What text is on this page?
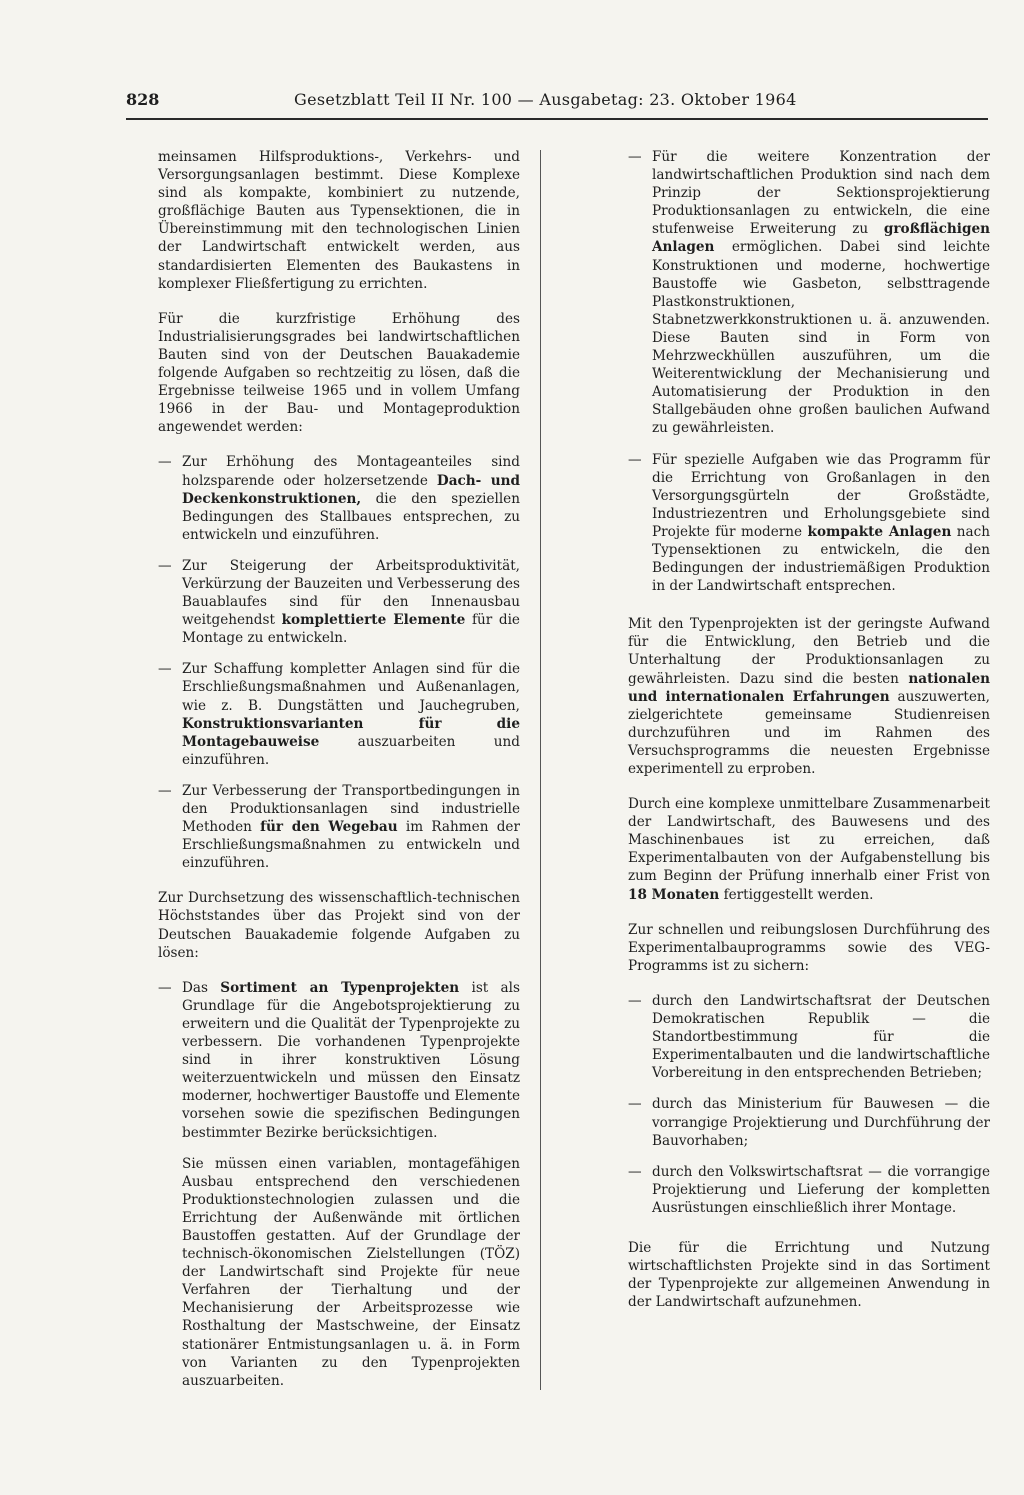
828	Gesetzblatt Teil II Nr. 100 — Ausgabetag: 23. Oktober 1964

meinsamen Hilfsproduktions-, Verkehrs- und Versorgungsanlagen bestimmt. Diese Komplexe sind als kompakte, kombiniert zu nutzende, großflächige Bauten aus Typensektionen, die in Übereinstimmung mit den technologischen Linien der Landwirtschaft entwickelt werden, aus standardisierten Elementen des Baukastens in komplexer Fließfertigung zu errichten.

Für die kurzfristige Erhöhung des Industrialisierungsgrades bei landwirtschaftlichen Bauten sind von der Deutschen Bauakademie folgende Aufgaben so rechtzeitig zu lösen, daß die Ergebnisse teilweise 1965 und in vollem Umfang 1966 in der Bau- und Montageproduktion angewendet werden:

— Zur Erhöhung des Montageanteiles sind holzsparende oder holzersetzende Dach- und Deckenkonstruktionen, die den speziellen Bedingungen des Stallbaues entsprechen, zu entwickeln und einzuführen.
— Zur Steigerung der Arbeitsproduktivität, Verkürzung der Bauzeiten und Verbesserung des Bauablaufes sind für den Innenausbau weitgehendst komplettierte Elemente für die Montage zu entwickeln.
— Zur Schaffung kompletter Anlagen sind für die Erschließungsmaßnahmen und Außenanlagen, wie z. B. Dungstätten und Jauchegruben, Konstruktionsvarianten für die Montagebauweise auszuarbeiten und einzuführen.
— Zur Verbesserung der Transportbedingungen in den Produktionsanlagen sind industrielle Methoden für den Wegebau im Rahmen der Erschließungsmaßnahmen zu entwickeln und einzuführen.

Zur Durchsetzung des wissenschaftlich-technischen Höchststandes über das Projekt sind von der Deutschen Bauakademie folgende Aufgaben zu lösen:

— Das Sortiment an Typenprojekten ist als Grundlage für die Angebotsprojektierung zu erweitern und die Qualität der Typenprojekte zu verbessern. Die vorhandenen Typenprojekte sind in ihrer konstruktiven Lösung weiterzuentwickeln und müssen den Einsatz moderner, hochwertiger Baustoffe und Elemente vorsehen sowie die spezifischen Bedingungen bestimmter Bezirke berücksichtigen.
Sie müssen einen variablen, montagefähigen Ausbau entsprechend den verschiedenen Produktionstechnologien zulassen und die Errichtung der Außenwände mit örtlichen Baustoffen gestatten. Auf der Grundlage der technisch-ökonomischen Zielstellungen (TÖZ) der Landwirtschaft sind Projekte für neue Verfahren der Tierhaltung und der Mechanisierung der Arbeitsprozesse wie Rosthaltung der Mastschweine, der Einsatz stationärer Entmistungsanlagen u. ä. in Form von Varianten zu den Typenprojekten auszuarbeiten.
— Für die weitere Konzentration der landwirtschaftlichen Produktion sind nach dem Prinzip der Sektionsprojektierung Produktionsanlagen zu entwickeln, die eine stufenweise Erweiterung zu großflächigen Anlagen ermöglichen. Dabei sind leichte Konstruktionen und moderne, hochwertige Baustoffe wie Gasbeton, selbsttragende Plastkonstruktionen, Stabnetzwerkkonstruktionen u. ä. anzuwenden. Diese Bauten sind in Form von Mehrzweckhüllen auszuführen, um die Weiterentwicklung der Mechanisierung und Automatisierung der Produktion in den Stallgebäuden ohne großen baulichen Aufwand zu gewährleisten.
— Für spezielle Aufgaben wie das Programm für die Errichtung von Großanlagen in den Versorgungsgürteln der Großstädte, Industriezentren und Erholungsgebiete sind Projekte für moderne kompakte Anlagen nach Typensektionen zu entwickeln, die den Bedingungen der industriemäßigen Produktion in der Landwirtschaft entsprechen.

Mit den Typenprojekten ist der geringste Aufwand für die Entwicklung, den Betrieb und die Unterhaltung der Produktionsanlagen zu gewährleisten. Dazu sind die besten nationalen und internationalen Erfahrungen auszuwerten, zielgerichtete gemeinsame Studienreisen durchzuführen und im Rahmen des Versuchsprogramms die neuesten Ergebnisse experimentell zu erproben.

Durch eine komplexe unmittelbare Zusammenarbeit der Landwirtschaft, des Bauwesens und des Maschinenbaues ist zu erreichen, daß Experimentalbauten von der Aufgabenstellung bis zum Beginn der Prüfung innerhalb einer Frist von 18 Monaten fertiggestellt werden.

Zur schnellen und reibungslosen Durchführung des Experimentalbauprogramms sowie des VEG-Programms ist zu sichern:

— durch den Landwirtschaftsrat der Deutschen Demokratischen Republik — die Standortbestimmung für die Experimentalbauten und die landwirtschaftliche Vorbereitung in den entsprechenden Betrieben;
— durch das Ministerium für Bauwesen — die vorrangige Projektierung und Durchführung der Bauvorhaben;
— durch den Volkswirtschaftsrat — die vorrangige Projektierung und Lieferung der kompletten Ausrüstungen einschließlich ihrer Montage.

Die für die Errichtung und Nutzung wirtschaftlichsten Projekte sind in das Sortiment der Typenprojekte zur allgemeinen Anwendung in der Landwirtschaft aufzunehmen.
